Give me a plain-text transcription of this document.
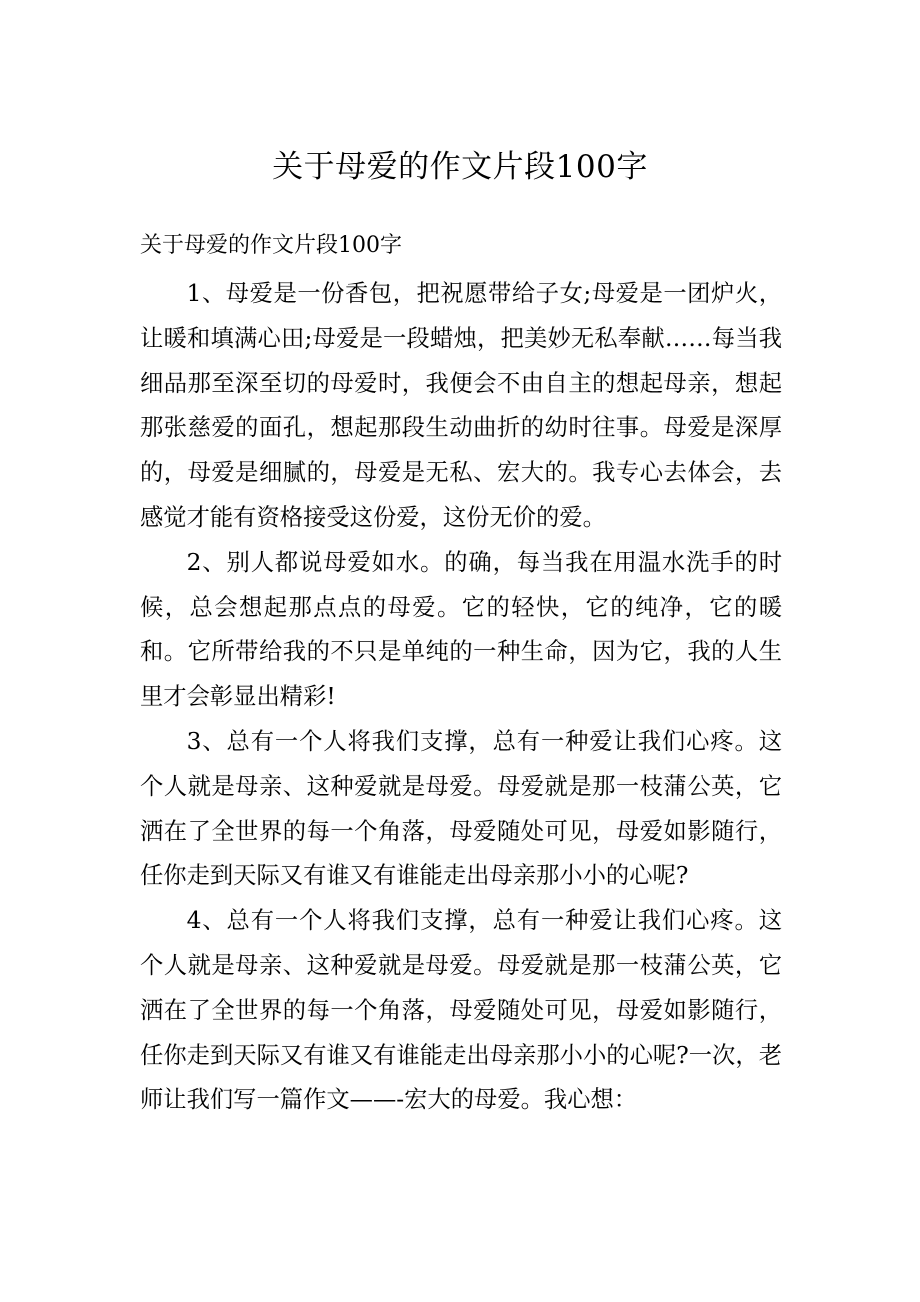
关于母爱的作文片段100字

关于母爱的作文片段100字

1、母爱是一份香包，把祝愿带给子女;母爱是一团炉火，让暖和填满心田;母爱是一段蜡烛，把美妙无私奉献……每当我细品那至深至切的母爱时，我便会不由自主的想起母亲，想起那张慈爱的面孔，想起那段生动曲折的幼时往事。母爱是深厚的，母爱是细腻的，母爱是无私、宏大的。我专心去体会，去感觉才能有资格接受这份爱，这份无价的爱。

2、别人都说母爱如水。的确，每当我在用温水洗手的时候，总会想起那点点的母爱。它的轻快，它的纯净，它的暖和。它所带给我的不只是单纯的一种生命，因为它，我的人生里才会彰显出精彩!

3、总有一个人将我们支撑，总有一种爱让我们心疼。这个人就是母亲、这种爱就是母爱。母爱就是那一枝蒲公英，它洒在了全世界的每一个角落，母爱随处可见，母爱如影随行，任你走到天际又有谁又有谁能走出母亲那小小的心呢?

4、总有一个人将我们支撑，总有一种爱让我们心疼。这个人就是母亲、这种爱就是母爱。母爱就是那一枝蒲公英，它洒在了全世界的每一个角落，母爱随处可见，母爱如影随行，任你走到天际又有谁又有谁能走出母亲那小小的心呢?一次，老师让我们写一篇作文——-宏大的母爱。我心想：
